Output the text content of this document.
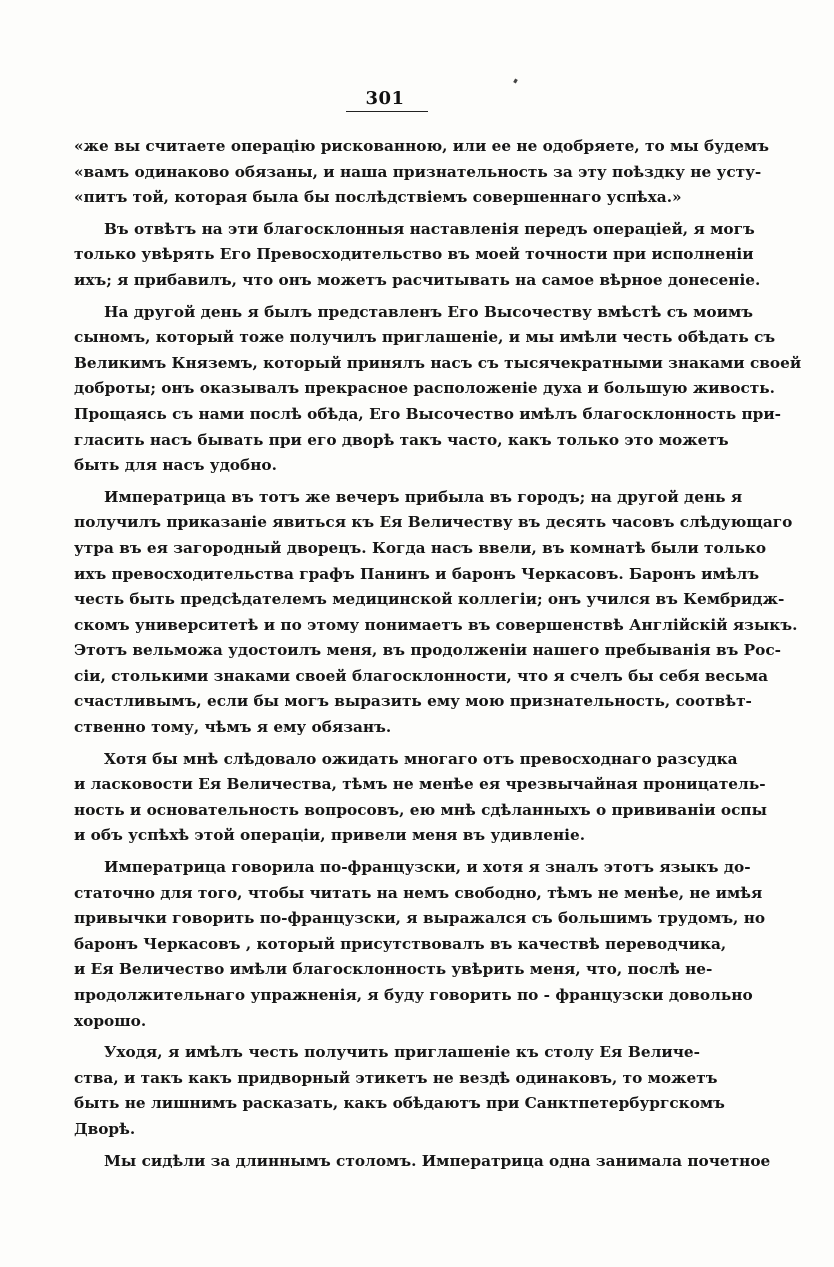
301
«же вы считаете операцію рискованною, или ее не одобряете, то мы будемъ
«вамъ одинаково обязаны, и наша признательность за эту поѣздку не усту-
«питъ той, которая была бы послѣдствіемъ совершеннаго успѣха.»
Въ отвѣтъ на эти благосклонныя наставленія передъ операціей, я могъ
только увѣрять Его Превосходительство въ моей точности при исполненіи
ихъ; я прибавилъ, что онъ можетъ расчитывать на самое вѣрное донесеніе.
На другой день я былъ представленъ Его Высочеству вмѣстѣ съ моимъ
сыномъ, который тоже получилъ приглашеніе, и мы имѣли честь обѣдать съ
Великимъ Княземъ, который принялъ насъ съ тысячекратными знаками своей
доброты; онъ оказывалъ прекрасное расположеніе духа и большую живость.
Прощаясь съ нами послѣ обѣда, Его Высочество имѣлъ благосклонность при-
гласить насъ бывать при его дворѣ такъ часто, какъ только это можетъ
быть для насъ удобно.
Императрица въ тотъ же вечеръ прибыла въ городъ; на другой день я
получилъ приказаніе явиться къ Ея Величеству въ десять часовъ слѣдующаго
утра въ ея загородный дворецъ. Когда насъ ввели, въ комнатѣ были только
ихъ превосходительства графъ Панинъ и баронъ Черкасовъ. Баронъ имѣлъ
честь быть предсѣдателемъ медицинской коллегіи; онъ учился въ Кембридж-
скомъ университетѣ и по этому понимаетъ въ совершенствѣ Англійскій языкъ.
Этотъ вельможа удостоилъ меня, въ продолженіи нашего пребыванія въ Рос-
сіи, столькими знаками своей благосклонности, что я счелъ бы себя весьма
счастливымъ, если бы могъ выразить ему мою признательность, соотвѣт-
ственно тому, чѣмъ я ему обязанъ.
Хотя бы мнѣ слѣдовало ожидать многаго отъ превосходнаго разсудка
и ласковости Ея Величества, тѣмъ не менѣе ея чрезвычайная проницатель-
ность и основательность вопросовъ, ею мнѣ сдѣланныхъ о прививаніи оспы
и объ успѣхѣ этой операціи, привели меня въ удивленіе.
Императрица говорила по-французски, и хотя я зналъ этотъ языкъ до-
статочно для того, чтобы читать на немъ свободно, тѣмъ не менѣе, не имѣя
привычки говорить по-французски, я выражался съ большимъ трудомъ, но
баронъ Черкасовъ , который присутствовалъ въ качествѣ переводчика,
и Ея Величество имѣли благосклонность увѣрить меня, что, послѣ не-
продолжительнаго упражненія, я буду говорить по - французски довольно
хорошо.
Уходя, я имѣлъ честь получить приглашеніе къ столу Ея Величе-
ства, и такъ какъ придворный этикетъ не вездѣ одинаковъ, то можетъ
быть не лишнимъ расказать, какъ обѣдаютъ при Санктпетербургскомъ
Дворѣ.
Мы сидѣли за длиннымъ столомъ. Императрица одна занимала почетное
